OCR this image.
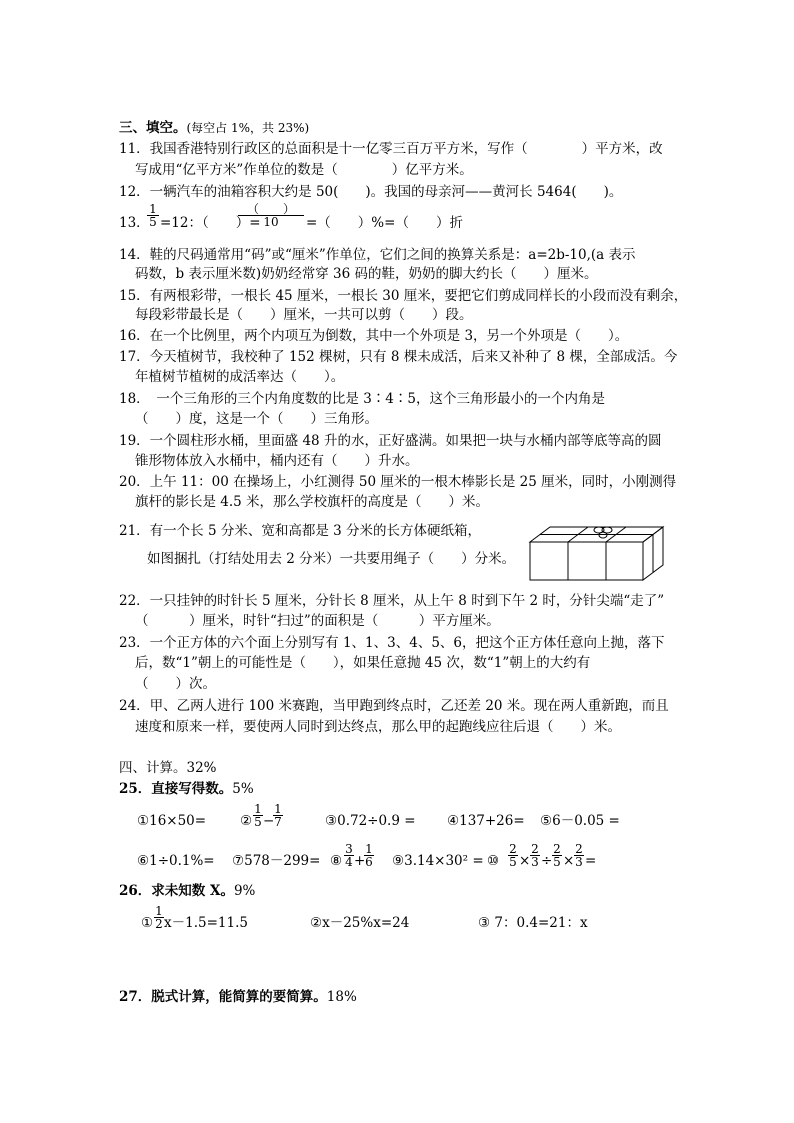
三、填空。(每空占 1%，共 23%)
11．我国香港特别行政区的总面积是十一亿零三百万平方米，写作（　　　　）平方米，改
写成用“亿平方米”作单位的数是（　　　　）亿平方米。
12．一辆汽车的油箱容积大约是 50(　　)。我国的母亲河——黄河长 5464(　　)。
13．
$\frac{1}{5} =12$：（　　）=
（　　）
10	=（　　）%=（　　）折
14．鞋的尺码通常用“码”或“厘米”作单位，它们之间的换算关系是：a=2b-10,(a 表示
码数，b 表示厘米数)奶奶经常穿 36 码的鞋，奶奶的脚大约长（　　）厘米。
15．有两根彩带，一根长 45 厘米，一根长 30 厘米，要把它们剪成同样长的小段而没有剩余，
每段彩带最长是（　　）厘米，一共可以剪（　　）段。
16．在一个比例里，两个内项互为倒数，其中一个外项是 3，另一个外项是（　　）。
17．今天植树节，我校种了 152 棵树，只有 8 棵未成活，后来又补种了 8 棵，全部成活。今
年植树节植树的成活率达（　　）。
18．　一个三角形的三个内角度数的比是 3∶4∶5，这个三角形最小的一个内角是
（　　）度，这是一个（　　）三角形。
19．一个圆柱形水桶，里面盛 48 升的水，正好盛满。如果把一块与水桶内部等底等高的圆
锥形物体放入水桶中，桶内还有（　　）升水。
20．上午 11：00 在操场上，小红测得 50 厘米的一根木棒影长是 25 厘米，同时，小刚测得
旗杆的影长是 4.5 米，那么学校旗杆的高度是（　　）米。
21．有一个长 5 分米、宽和高都是 3 分米的长方体硬纸箱，
如图捆扎（打结处用去 2 分米）一共要用绳子（　　）分米。
22．一只挂钟的时针长 5 厘米，分针长 8 厘米，从上午 8 时到下午 2 时，分针尖端“走了”
（　　　）厘米，时针“扫过”的面积是（　　　）平方厘米。
23．一个正方体的六个面上分别写有 1、1、3、4、5、6，把这个正方体任意向上抛，落下
后，数“1”朝上的可能性是（　　），如果任意抛 45 次，数“1”朝上的大约有
（　　）次。
24．甲、乙两人进行 100 米赛跑，当甲跑到终点时，乙还差 20 米。现在两人重新跑，而且
速度和原来一样，要使两人同时到达终点，那么甲的起跑线应往后退（　　）米。
四、计算。32%
25．直接写得数。5%
①16×50=	② $\frac{1}{5}$ −
$\frac{1}{7}$	③0.72÷0.9 = ④137+26= ⑤6－0.05 =
⑥1÷0.1%= ⑦578－299= ⑧ $\frac{3}{4}$ +
$\frac{1}{6}$ ⑨3.14×30² = ⑩ $\frac{2}{5} \times \frac{2}{3} \div \frac{2}{5} \times \frac{2}{3}$ =
26．求未知数 X。9%
① $\frac{1}{2} x-1.5=11.5$	②x－25%x=24	③ 7：0.4=21：x
27．脱式计算，能简算的要简算。18%
